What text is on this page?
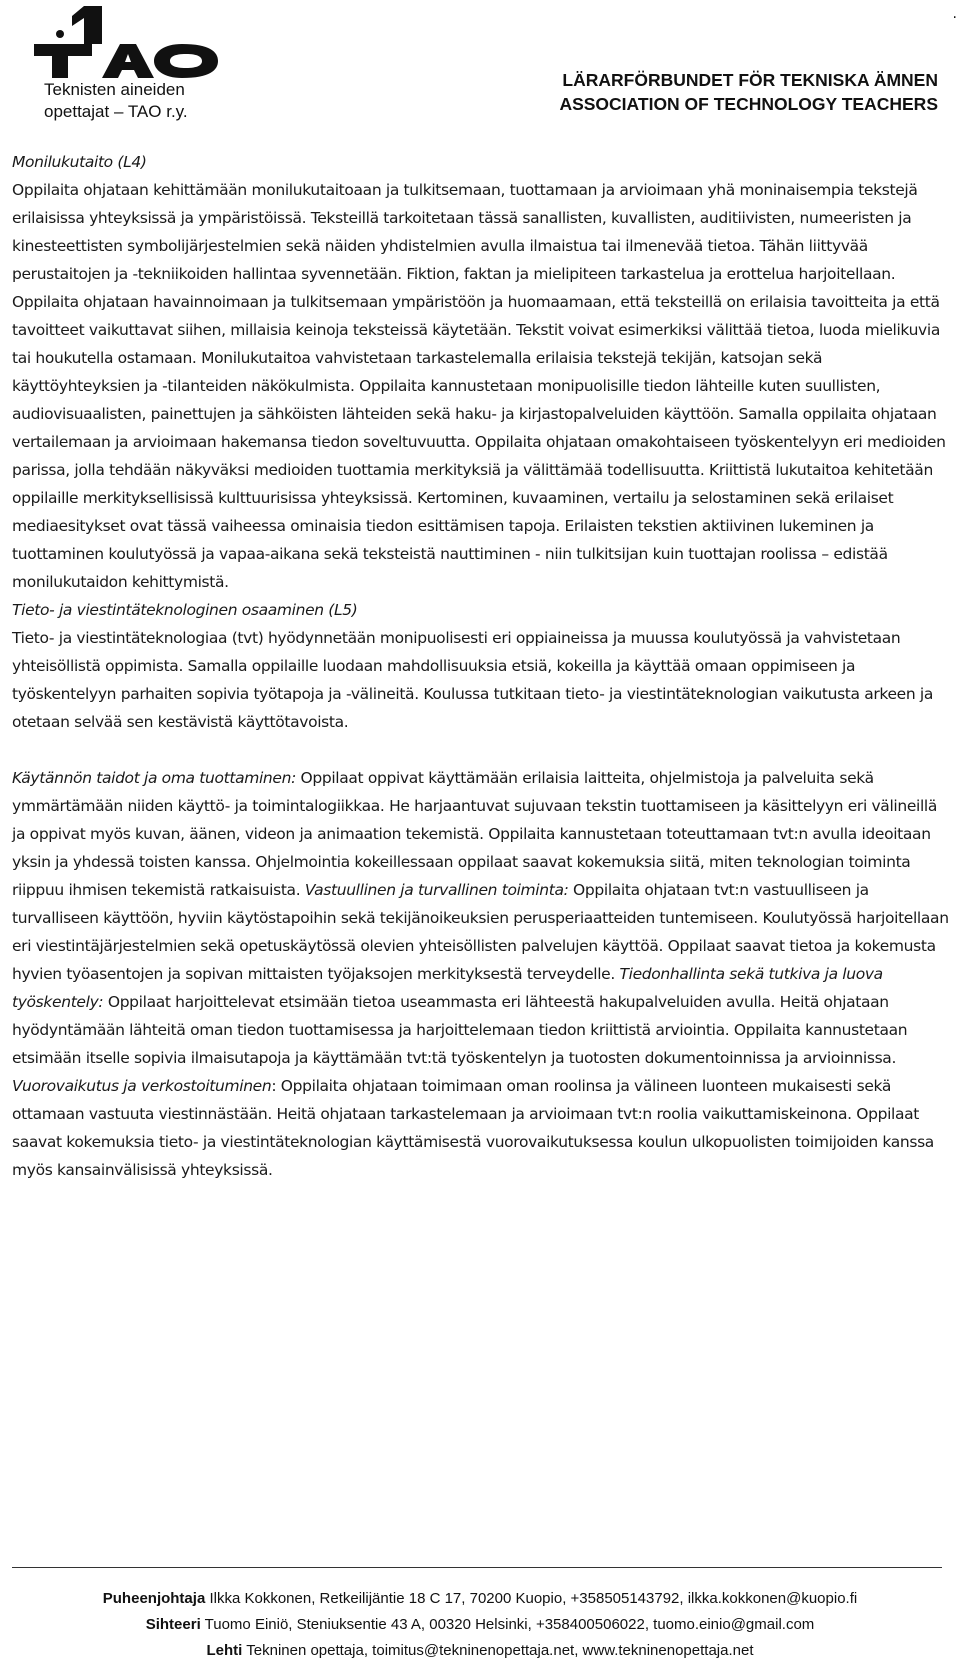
Teknisten aineiden
opettajat – TAO r.y.
LÄRARFÖRBUNDET FÖR TEKNISKA ÄMNEN
ASSOCIATION OF TECHNOLOGY TEACHERS
.

Monilukutaito (L4)

Oppilaita ohjataan kehittämään monilukutaitoaan ja tulkitsemaan, tuottamaan ja arvioimaan yhä moninaisempia tekstejä erilaisissa yhteyksissä ja ympäristöissä. Teksteillä tarkoitetaan tässä sanallisten, kuvallisten, auditiivisten, numeeristen ja kinesteettisten symbolijärjestelmien sekä näiden yhdistelmien avulla ilmaistua tai ilmenevää tietoa. Tähän liittyvää perustaitojen ja -tekniikoiden hallintaa syvennetään. Fiktion, faktan ja mielipiteen tarkastelua ja erottelua harjoitellaan. Oppilaita ohjataan havainnoimaan ja tulkitsemaan ympäristöön ja huomaamaan, että teksteillä on erilaisia tavoitteita ja että tavoitteet vaikuttavat siihen, millaisia keinoja teksteissä käytetään. Tekstit voivat esimerkiksi välittää tietoa, luoda mielikuvia tai houkutella ostamaan. Monilukutaitoa vahvistetaan tarkastelemalla erilaisia tekstejä tekijän, katsojan sekä käyttöyhteyksien ja -tilanteiden näkökulmista. Oppilaita kannustetaan monipuolisille tiedon lähteille kuten suullisten, audiovisuaalisten, painettujen ja sähköisten lähteiden sekä haku- ja kirjastopalveluiden käyttöön. Samalla oppilaita ohjataan vertailemaan ja arvioimaan hakemansa tiedon soveltuvuutta. Oppilaita ohjataan omakohtaiseen työskentelyyn eri medioiden parissa, jolla tehdään näkyväksi medioiden tuottamia merkityksiä ja välittämää todellisuutta. Kriittistä lukutaitoa kehitetään oppilaille merkityksellisissä kulttuurisissa yhteyksissä. Kertominen, kuvaaminen, vertailu ja selostaminen sekä erilaiset mediaesitykset ovat tässä vaiheessa ominaisia tiedon esittämisen tapoja. Erilaisten tekstien aktiivinen lukeminen ja tuottaminen koulutyössä ja vapaa-aikana sekä teksteistä nauttiminen - niin tulkitsijan kuin tuottajan roolissa – edistää monilukutaidon kehittymistä.

Tieto- ja viestintäteknologinen osaaminen (L5)

Tieto- ja viestintäteknologiaa (tvt) hyödynnetään monipuolisesti eri oppiaineissa ja muussa koulutyössä ja vahvistetaan yhteisöllistä oppimista. Samalla oppilaille luodaan mahdollisuuksia etsiä, kokeilla ja käyttää omaan oppimiseen ja työskentelyyn parhaiten sopivia työtapoja ja -välineitä. Koulussa tutkitaan tieto- ja viestintäteknologian vaikutusta arkeen ja otetaan selvää sen kestävistä käyttötavoista.

Käytännön taidot ja oma tuottaminen: Oppilaat oppivat käyttämään erilaisia laitteita, ohjelmistoja ja palveluita sekä ymmärtämään niiden käyttö- ja toimintalogiikkaa. He harjaantuvat sujuvaan tekstin tuottamiseen ja käsittelyyn eri välineillä ja oppivat myös kuvan, äänen, videon ja animaation tekemistä. Oppilaita kannustetaan toteuttamaan tvt:n avulla ideoitaan yksin ja yhdessä toisten kanssa. Ohjelmointia kokeillessaan oppilaat saavat kokemuksia siitä, miten teknologian toiminta riippuu ihmisen tekemistä ratkaisuista. Vastuullinen ja turvallinen toiminta: Oppilaita ohjataan tvt:n vastuulliseen ja turvalliseen käyttöön, hyviin käytöstapoihin sekä tekijänoikeuksien perusperiaatteiden tuntemiseen. Koulutyössä harjoitellaan eri viestintäjärjestelmien sekä opetuskäytössä olevien yhteisöllisten palvelujen käyttöä. Oppilaat saavat tietoa ja kokemusta hyvien työasentojen ja sopivan mittaisten työjaksojen merkityksestä terveydelle. Tiedonhallinta sekä tutkiva ja luova työskentely: Oppilaat harjoittelevat etsimään tietoa useammasta eri lähteestä hakupalveluiden avulla. Heitä ohjataan hyödyntämään lähteitä oman tiedon tuottamisessa ja harjoittelemaan tiedon kriittistä arviointia. Oppilaita kannustetaan etsimään itselle sopivia ilmaisutapoja ja käyttämään tvt:tä työskentelyn ja tuotosten dokumentoinnissa ja arvioinnissa. Vuorovaikutus ja verkostoituminen: Oppilaita ohjataan toimimaan oman roolinsa ja välineen luonteen mukaisesti sekä ottamaan vastuuta viestinnästään. Heitä ohjataan tarkastelemaan ja arvioimaan tvt:n roolia vaikuttamiskeinona. Oppilaat saavat kokemuksia tieto- ja viestintäteknologian käyttämisestä vuorovaikutuksessa koulun ulkopuolisten toimijoiden kanssa myös kansainvälisissä yhteyksissä.

Puheenjohtaja Ilkka Kokkonen, Retkeilijäntie 18 C 17, 70200 Kuopio, +358505143792, ilkka.kokkonen@kuopio.fi
Sihteeri Tuomo Einiö, Steniuksentie 43 A, 00320 Helsinki, +358400506022, tuomo.einio@gmail.com
Lehti Tekninen opettaja, toimitus@tekninenopettaja.net, www.tekninenopettaja.net
